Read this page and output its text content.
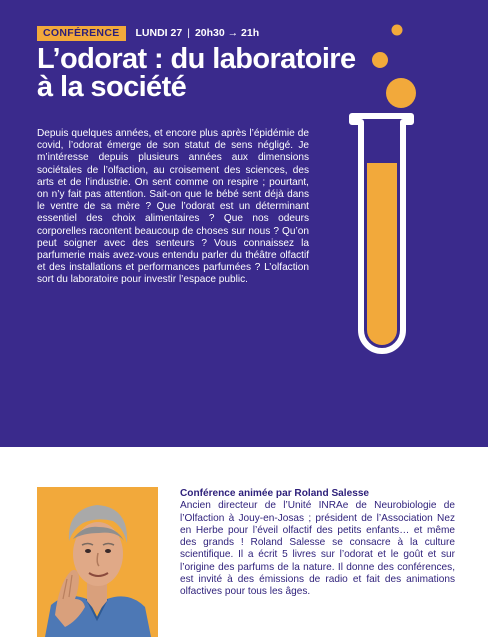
CONFÉRENCE	LUNDI 27 | 20h30 → 21h
L’odorat : du laboratoire
à la société

Depuis quelques années, et encore plus après l’épidémie de covid, l’odorat émerge de son statut de sens négligé. Je m’intéresse depuis plusieurs années aux dimensions sociétales de l’olfaction, au croisement des sciences, des arts et de l’industrie. On sent comme on respire ; pourtant, on n’y fait pas attention. Sait-on que le bébé sent déjà dans le ventre de sa mère ? Que l’odorat est un déterminant essentiel des choix alimentaires ? Que nos odeurs corporelles racontent beaucoup de choses sur nous ? Qu’on peut soigner avec des senteurs ? Vous connaissez la parfumerie mais avez-vous entendu parler du théâtre olfactif et des installations et performances parfumées ? L’olfaction sort du laboratoire pour investir l’espace public.

Conférence animée par Roland Salesse
Ancien directeur de l’Unité INRAe de Neurobiologie de l’Olfaction à Jouy-en-Josas ; président de l’Association Nez en Herbe pour l’éveil olfactif des petits enfants… et même des grands ! Roland Salesse se consacre à la culture scientifique. Il a écrit 5 livres sur l’odorat et le goût et sur l’origine des parfums de la nature. Il donne des conférences, est invité à des émissions de radio et fait des animations olfactives pour tous les âges.
